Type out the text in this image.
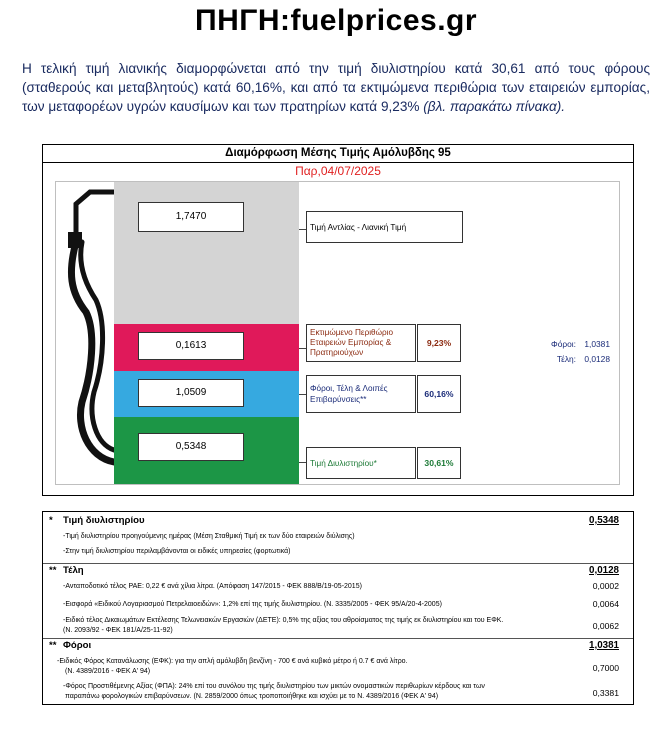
ΠΗΓΗ:fuelprices.gr
Η τελική τιμή λιανικής διαμορφώνεται από την τιμή διυλιστηρίου κατά 30,61 από τους φόρους (σταθερούς και μεταβλητούς) κατά 60,16%, και από τα εκτιμώμενα περιθώρια των εταιρειών εμπορίας, των μεταφορέων υγρών καυσίμων και των πρατηρίων κατά 9,23% (βλ. παρακάτω πίνακα).
Διαμόρφωση Μέσης Τιμής Αμόλυβδης 95
Παρ,04/07/2025
1,7470
0,1613
1,0509
0,5348
Τιμή Αντλίας - Λιανική Τιμή
Εκτιμώμενο Περιθώριο Εταιρειών Εμπορίας & Πρατηριούχων
9,23%
Φόροι, Τέλη & Λοιπές Επιβαρύνσεις**
60,16%
Τιμή Διυλιστηρίου*	30,61%
Φόροι: 1,0381
Τέλη: 0,0128
* Τιμή διυλιστηρίου	0,5348
-Τιμή διυλιστηρίου προηγούμενης ημέρας (Μέση Σταθμική Τιμή εκ των δύο εταιρειών διύλισης)
-Στην τιμή διυλιστηρίου περιλαμβάνονται οι ειδικές υπηρεσίες (φορτωτικά)
** Τέλη	0,0128
-Ανταποδοτικό τέλος ΡΑΕ: 0,22 € ανά χίλια λίτρα. (Απόφαση 147/2015 - ΦΕΚ 888/Β/19-05-2015)	0,0002
-Εισφορά «Ειδικού Λογαριασμού Πετρελαιοειδών»: 1,2% επί της τιμής διυλιστηρίου. (Ν. 3335/2005 - ΦΕΚ 95/Α/20-4-2005)	0,0064
-Ειδικό τέλος Δικαιωμάτων Εκτέλεσης Τελωνειακών Εργασιών (ΔΕΤΕ): 0,5% της αξίας του αθροίσματος της τιμής εκ διυλιστηρίου και του ΕΦΚ.
(Ν. 2093/92 - ΦΕΚ 181/Α/25-11-92)	0,0062
** Φόροι	1,0381
-Ειδικός Φόρος Κατανάλωσης (ΕΦΚ): για την απλή αμόλυβδη βενζίνη - 700 € ανά κυβικό μέτρο ή 0.7 € ανά λίτρο.
(Ν. 4389/2016 - ΦΕΚ Α' 94)	0,7000
-Φόρος Προστιθέμενης Αξίας (ΦΠΑ): 24% επί του συνόλου της τιμής διυλιστηρίου των μικτών ονομαστικών περιθωρίων κέρδους και των
παραπάνω φορολογικών επιβαρύνσεων. (Ν. 2859/2000 όπως τροποποιήθηκε και ισχύει με το Ν. 4389/2016 (ΦΕΚ Α' 94)	0,3381
